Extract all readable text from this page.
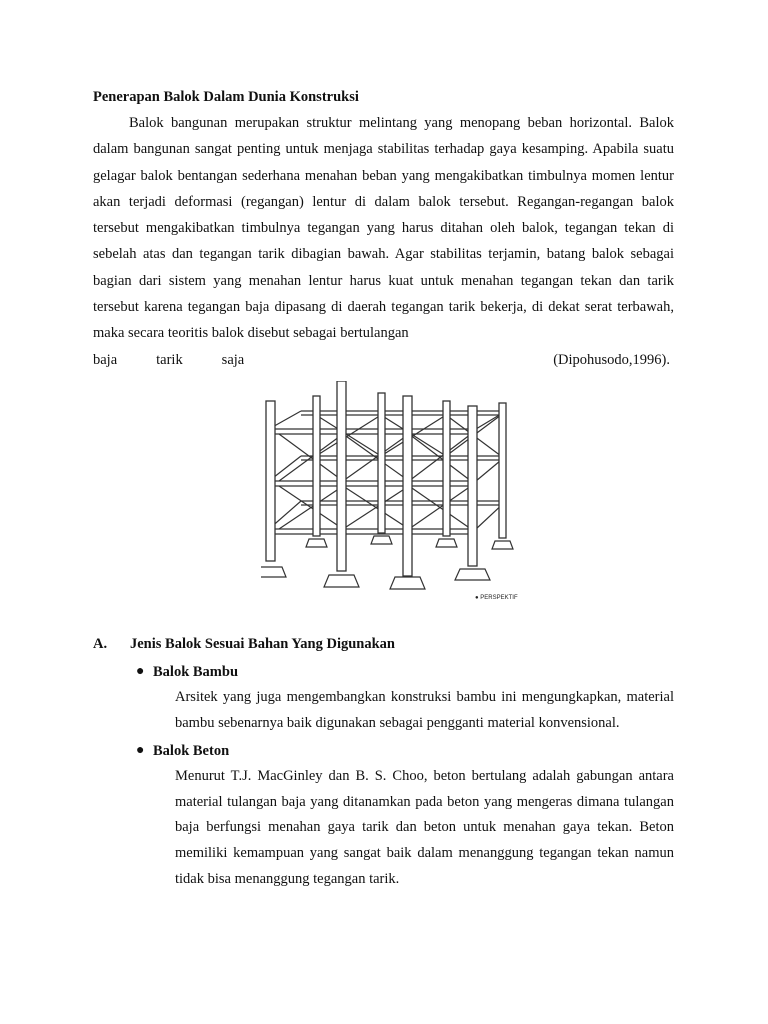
Penerapan Balok Dalam Dunia Konstruksi

Balok bangunan merupakan struktur melintang yang menopang beban horizontal. Balok dalam bangunan sangat penting untuk menjaga stabilitas terhadap gaya kesamping. Apabila suatu gelagar balok bentangan sederhana menahan beban yang mengakibatkan timbulnya momen lentur akan terjadi deformasi (regangan) lentur di dalam balok tersebut. Regangan-regangan balok tersebut mengakibatkan timbulnya tegangan yang harus ditahan oleh balok, tegangan tekan di sebelah atas dan tegangan tarik dibagian bawah. Agar stabilitas terjamin, batang balok sebagai bagian dari sistem yang menahan lentur harus kuat untuk menahan tegangan tekan dan tarik tersebut karena tegangan baja dipasang di daerah tegangan tarik bekerja, di dekat serat terbawah, maka secara teoritis balok disebut sebagai bertulangan

baja	tarik	saja	(Dipohusodo,1996).
● PERSPEKTIF
A.	Jenis Balok Sesuai Bahan Yang Digunakan
● Balok Bambu
Arsitek yang juga mengembangkan konstruksi bambu ini mengungkapkan, material bambu sebenarnya baik digunakan sebagai pengganti material konvensional.
● Balok Beton
Menurut T.J. MacGinley dan B. S. Choo, beton bertulang adalah gabungan antara material tulangan baja yang ditanamkan pada beton yang mengeras dimana tulangan baja berfungsi menahan gaya tarik dan beton untuk menahan gaya tekan. Beton memiliki kemampuan yang sangat baik dalam menanggung tegangan tekan namun tidak bisa menanggung tegangan tarik.
